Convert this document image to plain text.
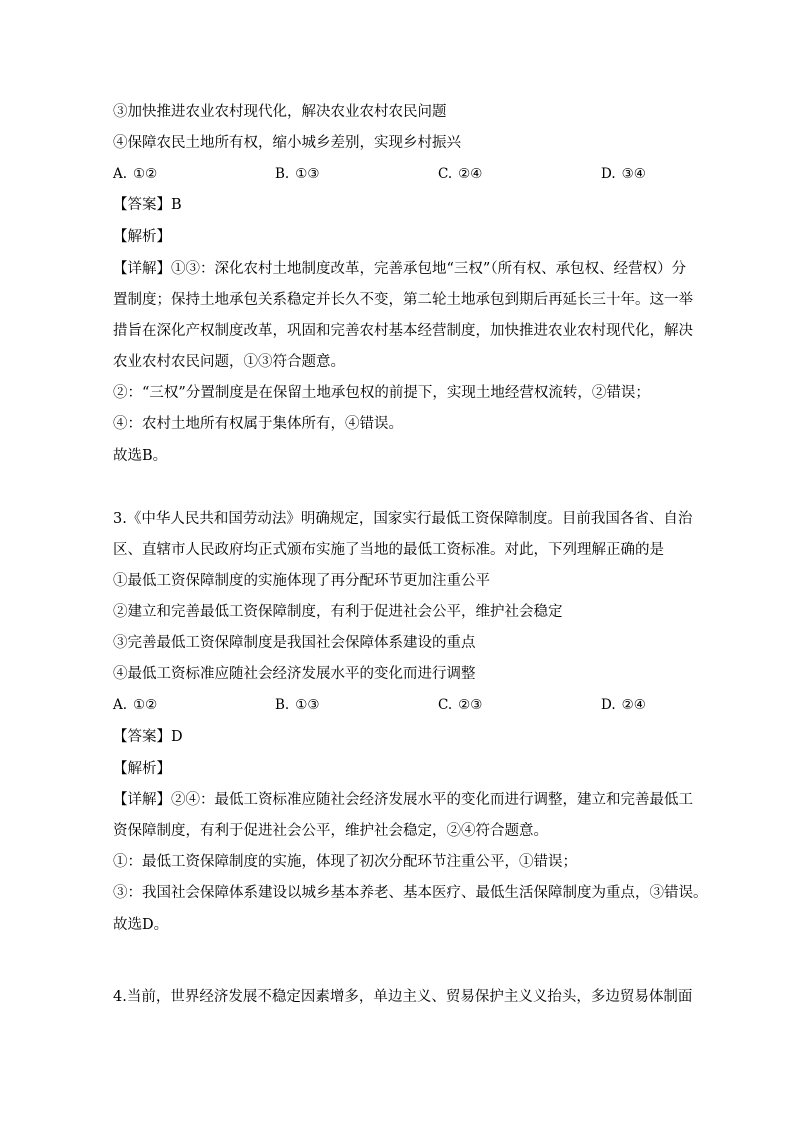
③加快推进农业农村现代化，解决农业农村农民问题
④保障农民土地所有权，缩小城乡差别，实现乡村振兴
A. ①②	B. ①③	C. ②④	D. ③④
【答案】B
【解析】
【详解】①③：深化农村土地制度改革，完善承包地“三权”（所有权、承包权、经营权）分
置制度；保持土地承包关系稳定并长久不变，第二轮土地承包到期后再延长三十年。这一举
措旨在深化产权制度改革，巩固和完善农村基本经营制度，加快推进农业农村现代化，解决
农业农村农民问题，①③符合题意。
②：“三权”分置制度是在保留土地承包权的前提下，实现土地经营权流转，②错误；
④：农村土地所有权属于集体所有，④错误。
故选B。
3.《中华人民共和国劳动法》明确规定，国家实行最低工资保障制度。目前我国各省、自治
区、直辖市人民政府均正式颁布实施了当地的最低工资标准。对此，下列理解正确的是
①最低工资保障制度的实施体现了再分配环节更加注重公平
②建立和完善最低工资保障制度，有利于促进社会公平，维护社会稳定
③完善最低工资保障制度是我国社会保障体系建设的重点
④最低工资标准应随社会经济发展水平的变化而进行调整
A. ①②	B. ①③	C. ②③	D. ②④
【答案】D
【解析】
【详解】②④：最低工资标准应随社会经济发展水平的变化而进行调整，建立和完善最低工
资保障制度，有利于促进社会公平，维护社会稳定，②④符合题意。
①：最低工资保障制度的实施，体现了初次分配环节注重公平，①错误；
③：我国社会保障体系建设以城乡基本养老、基本医疗、最低生活保障制度为重点，③错误。
故选D。
4.当前，世界经济发展不稳定因素增多，单边主义、贸易保护主义义抬头，多边贸易体制面
